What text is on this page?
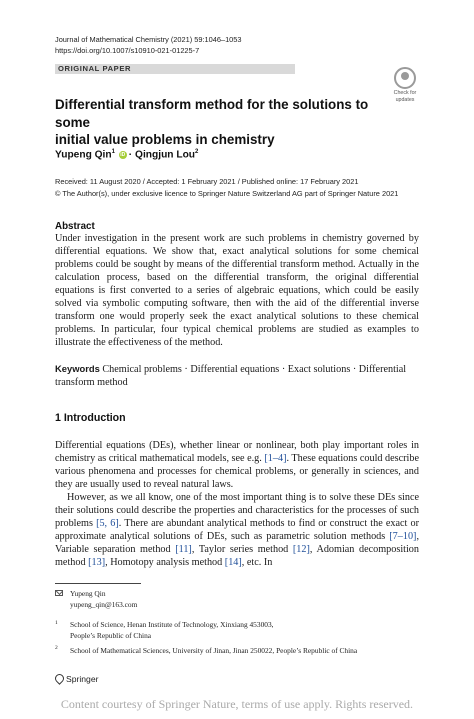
Journal of Mathematical Chemistry (2021) 59:1046–1053
https://doi.org/10.1007/s10910-021-01225-7
ORIGINAL PAPER
Check for
updates
Differential transform method for the solutions to some
initial value problems in chemistry
Yupeng Qin$^1$ iD · Qingjun Lou$^2$
Received: 11 August 2020 / Accepted: 1 February 2021 / Published online: 17 February 2021
© The Author(s), under exclusive licence to Springer Nature Switzerland AG part of Springer Nature 2021
Abstract
Under investigation in the present work are such problems in chemistry governed by differential equations. We show that, exact analytical solutions for some chemical problems could be sought by means of the differential transform method. Actually in the calculation process, based on the differential transform, the original differential equations is first converted to a series of algebraic equations, which could be easily solved via symbolic computing software, then with the aid of the differential inverse transform one would properly seek the exact analytical solutions to these chemical problems. In particular, four typical chemical problems are studied as examples to illustrate the effectiveness of the method.
Keywords Chemical problems · Differential equations · Exact solutions · Differential transform method
1 Introduction
Differential equations (DEs), whether linear or nonlinear, both play important roles in chemistry as critical mathematical models, see e.g. [1–4]. These equations could describe various phenomena and processes for chemical problems, or generally in sciences, and they are usually used to reveal natural laws.
However, as we all know, one of the most important thing is to solve these DEs since their solutions could describe the properties and characteristics for the processes of such problems [5, 6]. There are abundant analytical methods to find or construct the exact or approximate analytical solutions of DEs, such as parametric solution methods [7–10], Variable separation method [11], Taylor series method [12], Adomian decomposition method [13], Homotopy analysis method [14], etc. In
Yupeng Qin
yupeng_qin@163.com
1 School of Science, Henan Institute of Technology, Xinxiang 453003,
People’s Republic of China
2 School of Mathematical Sciences, University of Jinan, Jinan 250022, People’s Republic of China
Springer
Content courtesy of Springer Nature, terms of use apply. Rights reserved.
